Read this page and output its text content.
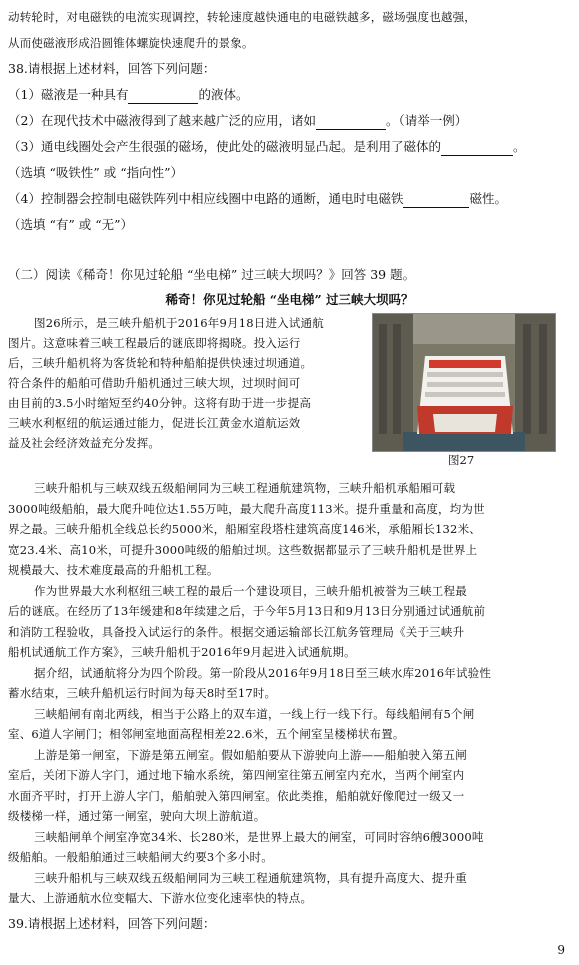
动转轮时，对电磁铁的电流实现调控，转轮速度越快通电的电磁铁越多，磁场强度也越强，
从而使磁液形成沿圆锥体螺旋快速爬升的景象。
38.请根据上述材料，回答下列问题：
（1）磁液是一种具有	的液体。
（2）在现代技术中磁液得到了越来越广泛的应用，诸如	。（请举一例）
（3）通电线圈处会产生很强的磁场，使此处的磁液明显凸起。是利用了磁体的	。
（选填 “吸铁性” 或 “指向性”）
（4）控制器会控制电磁铁阵列中相应线圈中电路的通断，通电时电磁铁	磁性。
（选填 “有” 或 “无”）
（二）阅读《稀奇！你见过轮船 “坐电梯” 过三峡大坝吗？》回答 39 题。
稀奇！你见过轮船 “坐电梯” 过三峡大坝吗？
图26所示，是三峡升船机于2016年9月18日进入试通航
图片。这意味着三峡工程最后的谜底即将揭晓。投入运行
后，三峡升船机将为客货轮和特种船舶提供快速过坝通道。
符合条件的船舶可借助升船机通过三峡大坝，过坝时间可
由目前的3.5小时缩短至约40分钟。这将有助于进一步提高
三峡水利枢纽的航运通过能力，促进长江黄金水道航运效
益及社会经济效益充分发挥。
图27
三峡升船机与三峡双线五级船闸同为三峡工程通航建筑物，三峡升船机承船厢可载
3000吨级船舶，最大爬升吨位达1.55万吨，最大爬升高度113米。提升重量和高度，均为世
界之最。三峡升船机全线总长约5000米，船厢室段塔柱建筑高度146米，承船厢长132米、
宽23.4米、高10米，可提升3000吨级的船舶过坝。这些数据都显示了三峡升船机是世界上
规模最大、技术难度最高的升船机工程。
作为世界最大水利枢纽三峡工程的最后一个建设项目，三峡升船机被誉为三峡工程最
后的谜底。在经历了13年缓建和8年续建之后，于今年5月13日和9月13日分别通过试通航前
和消防工程验收，具备投入试运行的条件。根据交通运输部长江航务管理局《关于三峡升
船机试通航工作方案》，三峡升船机于2016年9月起进入试通航期。
据介绍，试通航将分为四个阶段。第一阶段从2016年9月18日至三峡水库2016年试验性
蓄水结束，三峡升船机运行时间为每天8时至17时。
三峡船闸有南北两线，相当于公路上的双车道，一线上行一线下行。每线船闸有5个闸
室、6道人字闸门；相邻闸室地面高程相差22.6米，五个闸室呈楼梯状布置。
上游是第一闸室，下游是第五闸室。假如船舶要从下游驶向上游——船舶驶入第五闸
室后，关闭下游人字门，通过地下输水系统，第四闸室往第五闸室内充水，当两个闸室内
水面齐平时，打开上游人字门，船舶驶入第四闸室。依此类推，船舶就好像爬过一级又一
级楼梯一样，通过第一闸室，驶向大坝上游航道。
三峡船闸单个闸室净宽34米、长280米，是世界上最大的闸室，可同时容纳6艘3000吨
级船舶。一般船舶通过三峡船闸大约要3个多小时。
三峡升船机与三峡双线五级船闸同为三峡工程通航建筑物，具有提升高度大、提升重
量大、上游通航水位变幅大、下游水位变化速率快的特点。
39.请根据上述材料，回答下列问题：
9
